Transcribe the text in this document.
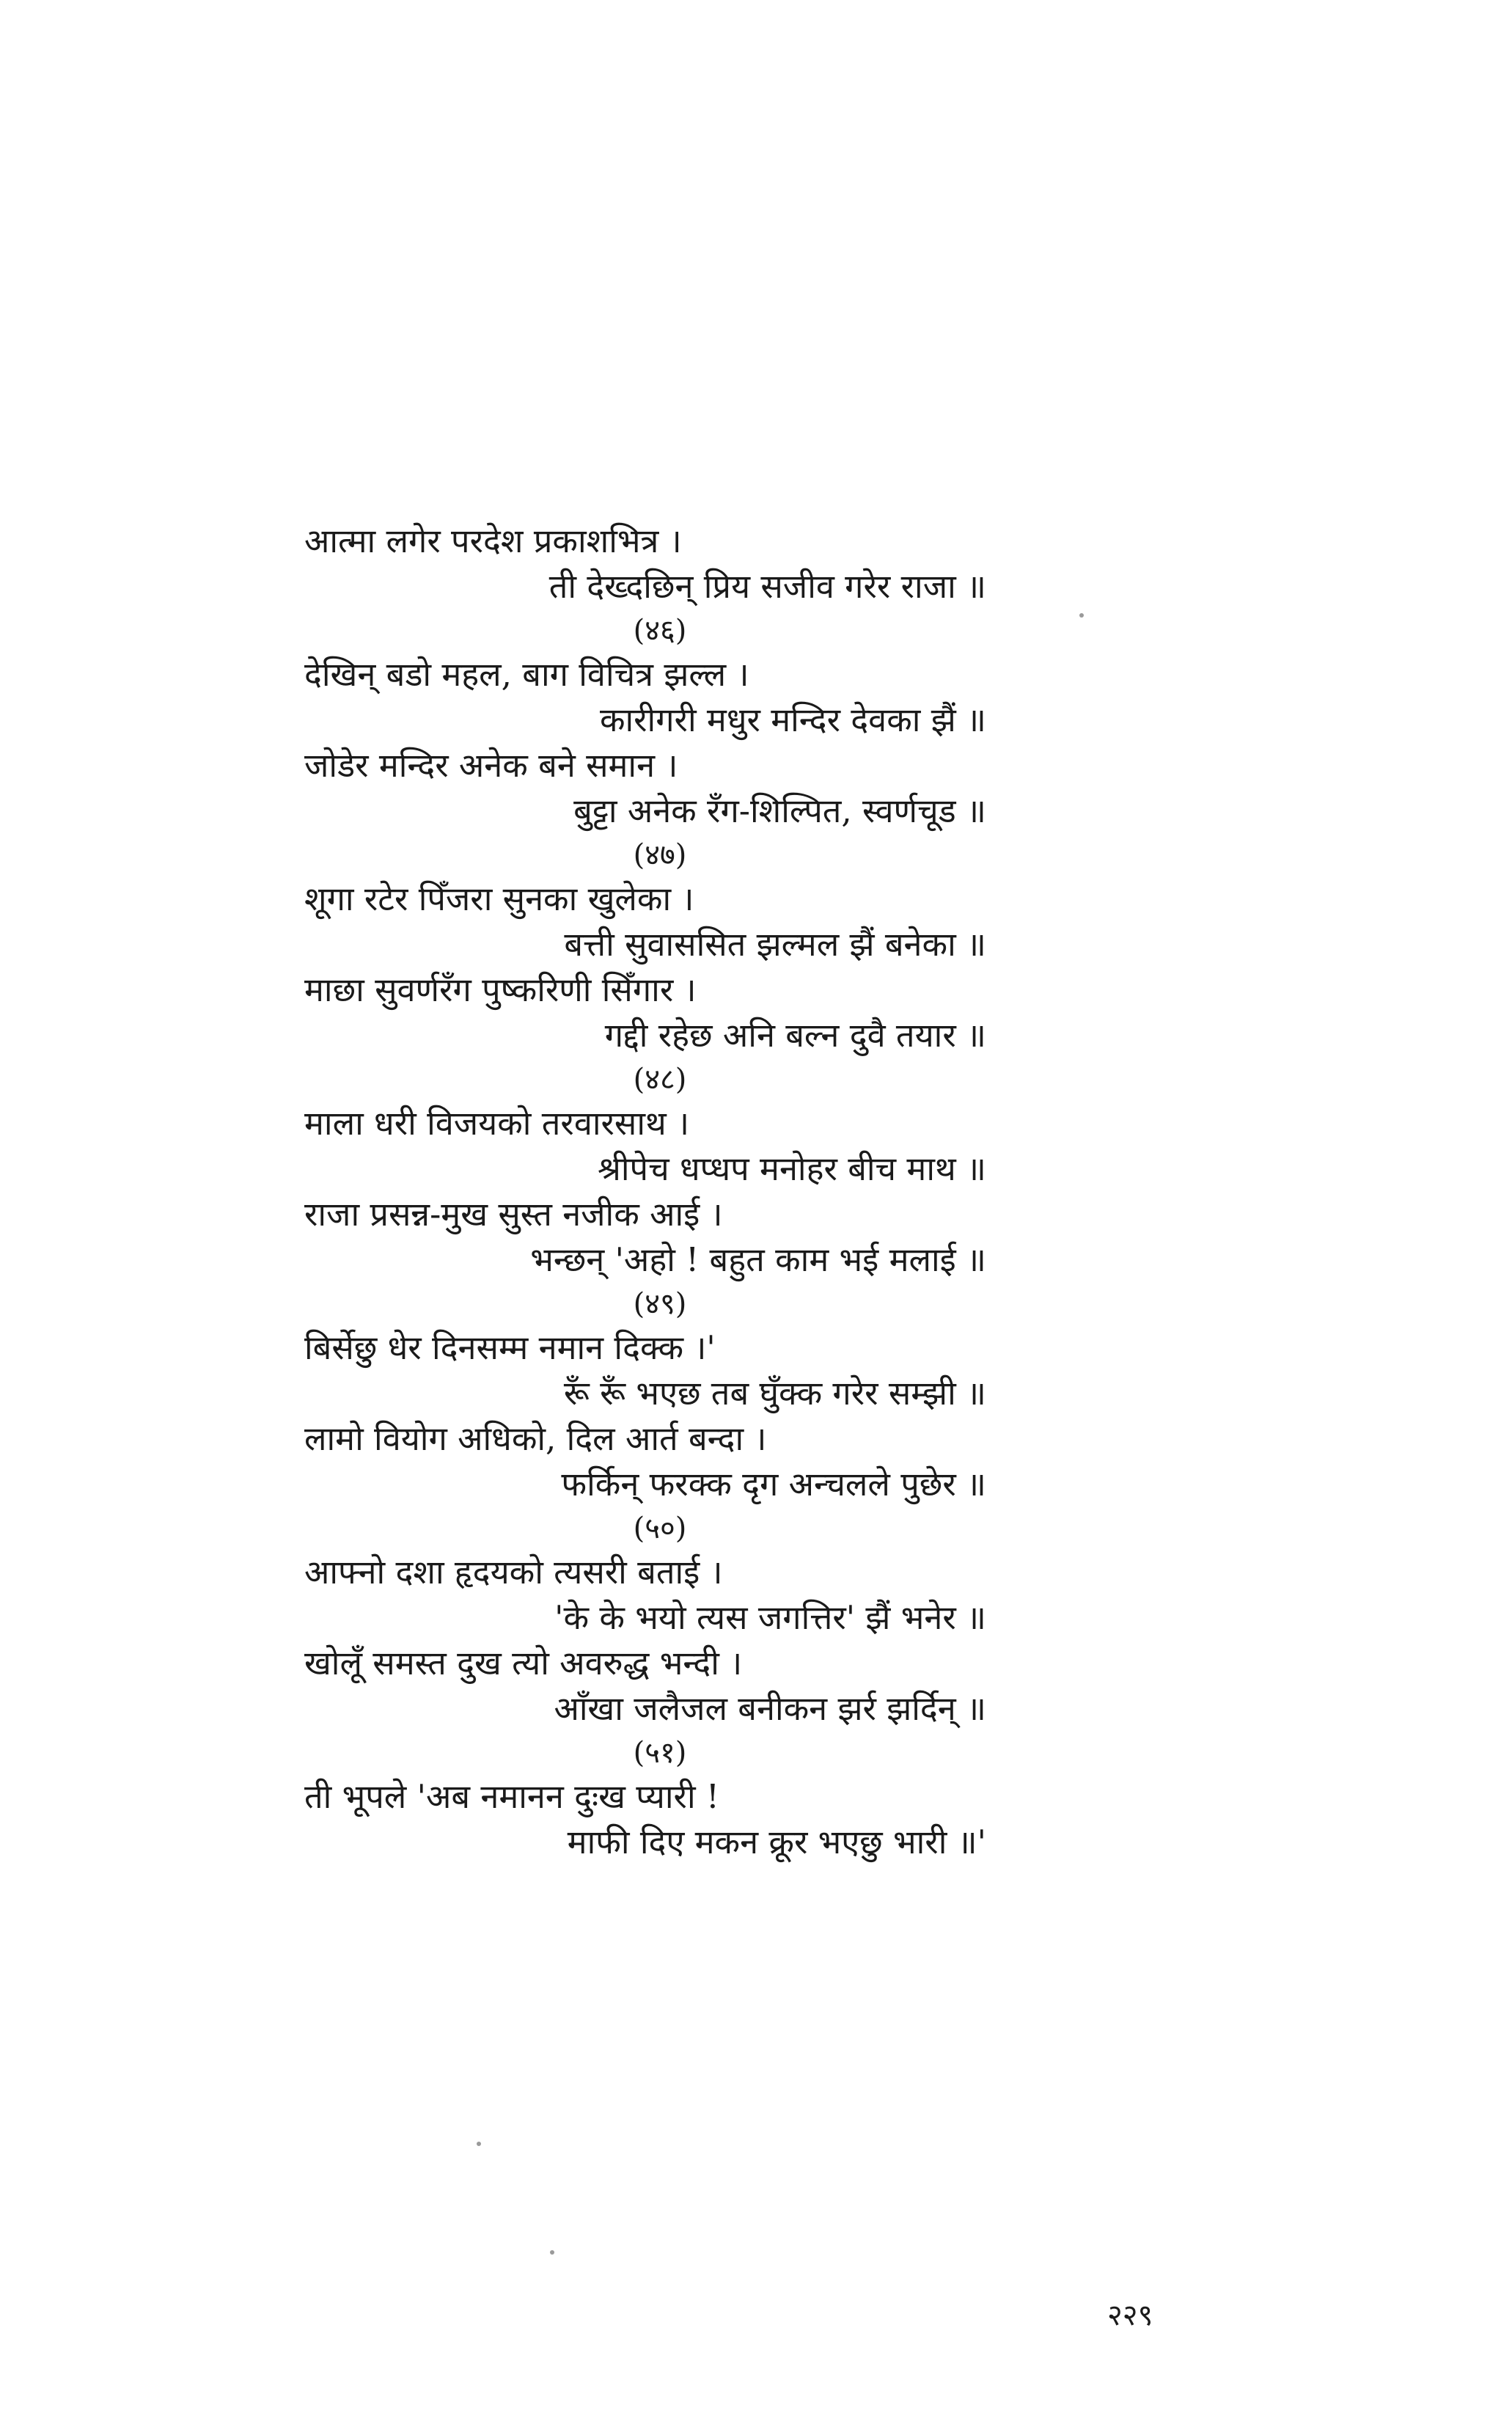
आत्मा लगेर परदेश प्रकाशभित्र ।
ती देख्दछिन् प्रिय सजीव गरेर राजा ॥
(४६)
देखिन् बडो महल, बाग विचित्र झल्ल ।
कारीगरी मधुर मन्दिर देवका झैं ॥
जोडेर मन्दिर अनेक बने समान ।
बुट्टा अनेक रँग-शिल्पित, स्वर्णचूड ॥
(४७)
शूगा रटेर पिँजरा सुनका खुलेका ।
बत्ती सुवाससित झल्मल झैं बनेका ॥
माछा सुवर्णरँग पुष्करिणी सिँगार ।
गद्दी रहेछ अनि बल्न दुवै तयार ॥
(४८)
माला धरी विजयको तरवारसाथ ।
श्रीपेच धप्धप मनोहर बीच माथ ॥
राजा प्रसन्न-मुख सुस्त नजीक आई ।
भन्छन् 'अहो ! बहुत काम भई मलाई ॥
(४९)
बिर्सेछु धेर दिनसम्म नमान दिक्क ।'
रूँ रूँ भएछ तब घुँक्क गरेर सम्झी ॥
लामो वियोग अधिको, दिल आर्त बन्दा ।
फर्किन् फरक्क दृग अन्चलले पुछेर ॥
(५०)
आफ्नो दशा हृदयको त्यसरी बताई ।
'के के भयो त्यस जगत्तिर' झैं भनेर ॥
खोलूँ समस्त दुख त्यो अवरुद्ध भन्दी ।
आँखा जलैजल बनीकन झर्र झर्दिन् ॥
(५१)
ती भूपले 'अब नमानन दुःख प्यारी !
माफी दिए मकन क्रूर भएछु भारी ॥'
२२९
